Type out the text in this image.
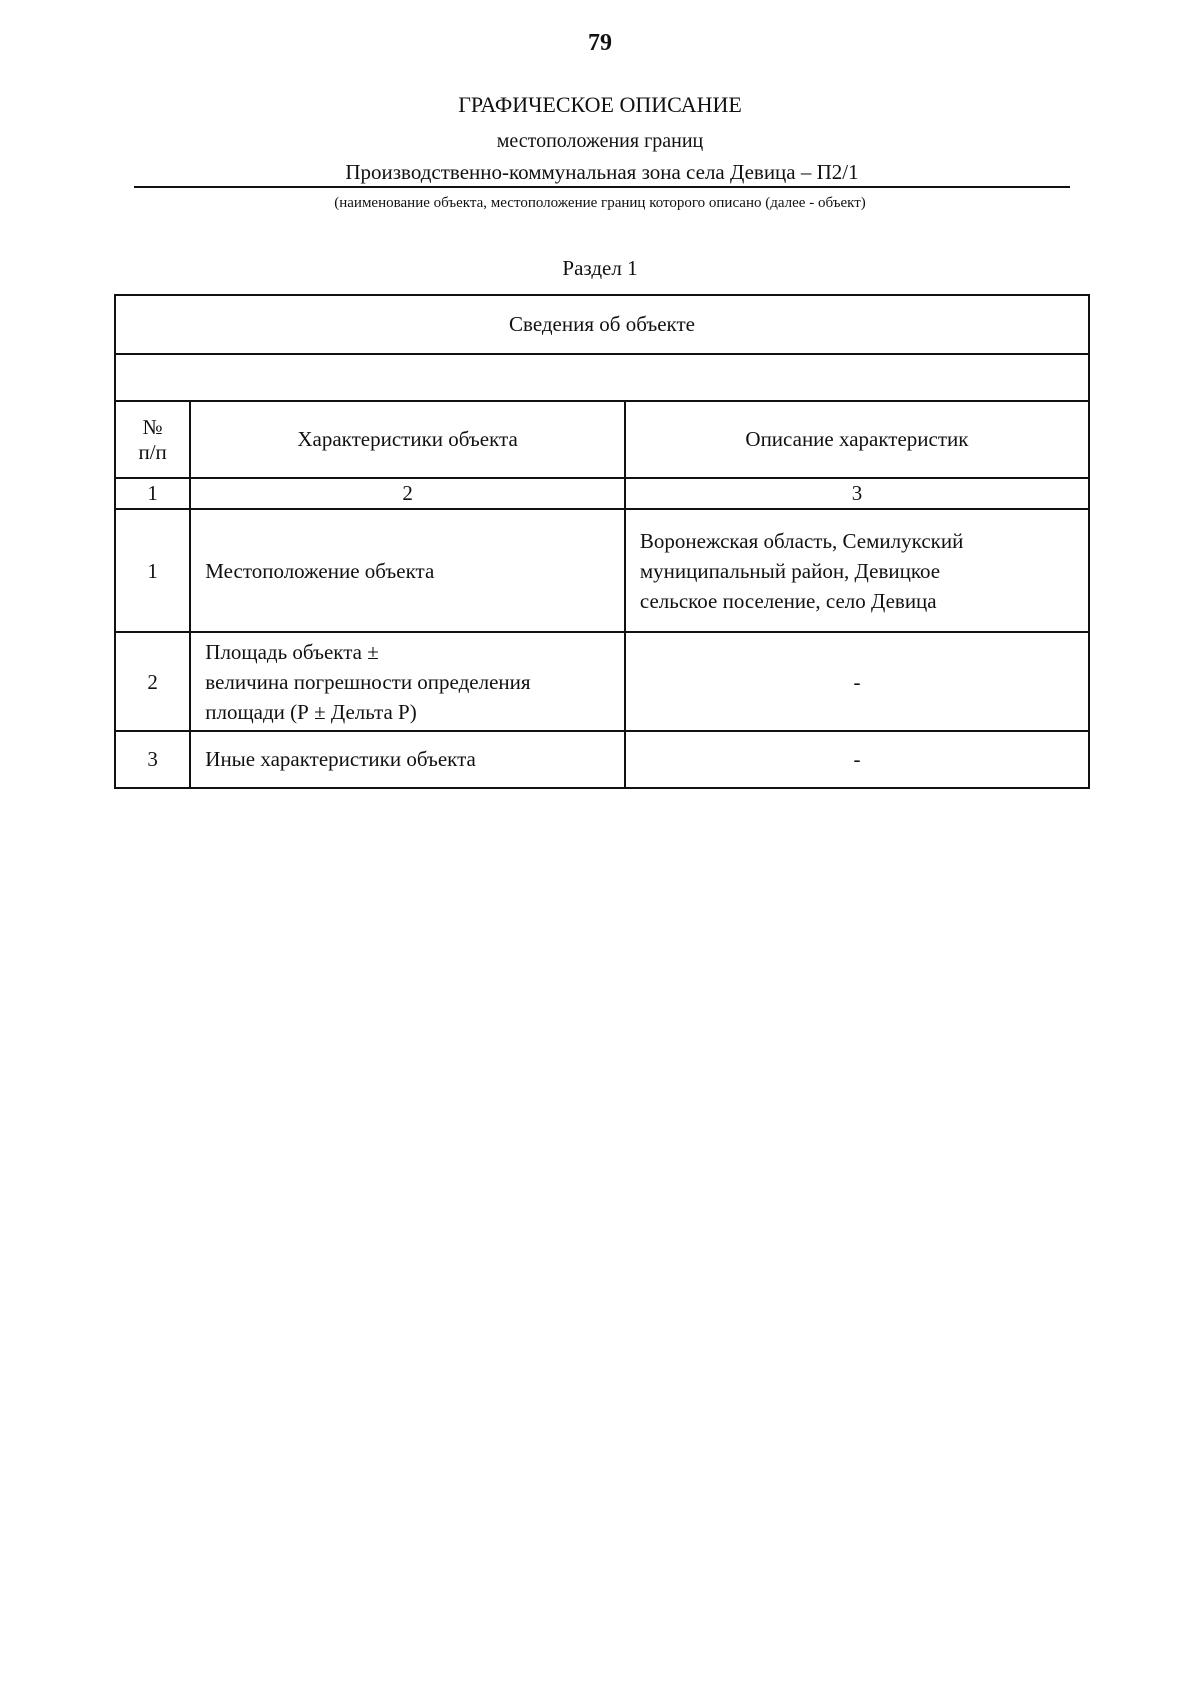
79
ГРАФИЧЕСКОЕ ОПИСАНИЕ
местоположения границ
Производственно-коммунальная зона села Девица – П2/1
(наименование объекта, местоположение границ которого описано (далее - объект)
Раздел 1
Сведения об объекте		

№
п/п	Характеристики объекта	Описание характеристик
1	2	3
1	Местоположение объекта	Воронежская область, Семилукский
муниципальный район, Девицкое
сельское поселение, село Девица
2	Площадь объекта ±
величина погрешности определения
площади (Р ± Дельта Р)	-
3	Иные характеристики объекта	-
